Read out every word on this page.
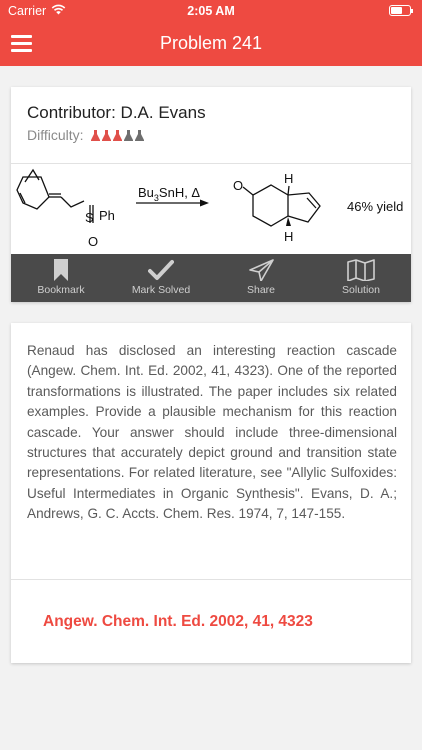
Carrier	2:05 AM
Problem 241
Contributor: D.A. Evans
Difficulty:
S Ph
O
$Bu_3SnH$, Δ	O	H
H
46% yield
Bookmark	Mark Solved	Share	Solution
Renaud has disclosed an interesting reaction cascade (Angew. Chem. Int. Ed. 2002, 41, 4323). One of the reported transformations is illustrated. The paper includes six related examples. Provide a plausible mechanism for this reaction cascade. Your answer should include three-dimensional structures that accurately depict ground and transition state representations. For related literature, see "Allylic Sulfoxides: Useful Intermediates in Organic Synthesis". Evans, D. A.; Andrews, G. C. Accts. Chem. Res. 1974, 7, 147-155.
Angew. Chem. Int. Ed. 2002, 41, 4323
